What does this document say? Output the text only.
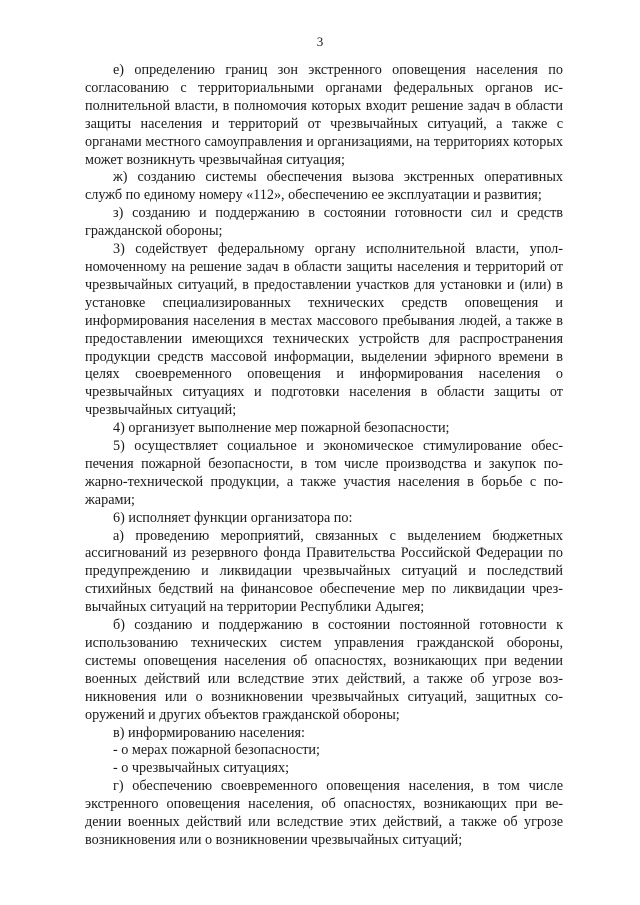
3

е) определению границ зон экстренного оповещения населения по согласованию с территориальными органами федеральных органов исполнительной власти, в полномочия которых входит решение задач в области защиты населения и территорий от чрезвычайных ситуаций, а также с органами местного самоуправления и организациями, на территориях которых может возникнуть чрезвычайная ситуация;

ж) созданию системы обеспечения вызова экстренных оперативных служб по единому номеру «112», обеспечению ее эксплуатации и развития;

з) созданию и поддержанию в состоянии готовности сил и средств гражданской обороны;

3) содействует федеральному органу исполнительной власти, уполномоченному на решение задач в области защиты населения и территорий от чрезвычайных ситуаций, в предоставлении участков для установки и (или) в установке специализированных технических средств оповещения и информирования населения в местах массового пребывания людей, а также в предоставлении имеющихся технических устройств для распространения продукции средств массовой информации, выделении эфирного времени в целях своевременного оповещения и информирования населения о чрезвычайных ситуациях и подготовки населения в области защиты от чрезвычайных ситуаций;

4) организует выполнение мер пожарной безопасности;

5) осуществляет социальное и экономическое стимулирование обеспечения пожарной безопасности, в том числе производства и закупок пожарно-технической продукции, а также участия населения в борьбе с пожарами;

6) исполняет функции организатора по:

а) проведению мероприятий, связанных с выделением бюджетных ассигнований из резервного фонда Правительства Российской Федерации по предупреждению и ликвидации чрезвычайных ситуаций и последствий стихийных бедствий на финансовое обеспечение мер по ликвидации чрезвычайных ситуаций на территории Республики Адыгея;

б) созданию и поддержанию в состоянии постоянной готовности к использованию технических систем управления гражданской обороны, системы оповещения населения об опасностях, возникающих при ведении военных действий или вследствие этих действий, а также об угрозе возникновения или о возникновении чрезвычайных ситуаций, защитных сооружений и других объектов гражданской обороны;

в) информированию населения:

- о мерах пожарной безопасности;

- о чрезвычайных ситуациях;

г) обеспечению своевременного оповещения населения, в том числе экстренного оповещения населения, об опасностях, возникающих при ведении военных действий или вследствие этих действий, а также об угрозе возникновения или о возникновении чрезвычайных ситуаций;
